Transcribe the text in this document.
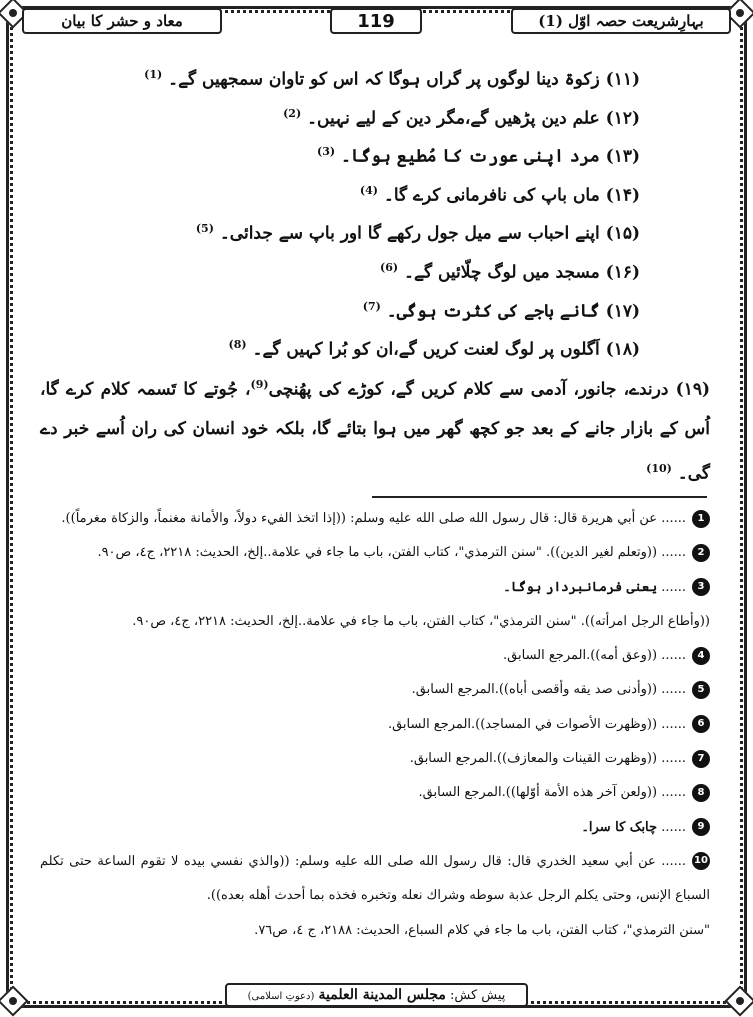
بہارِشریعت حصہ اوّل (1)
119
معاد و حشر کا بیان
(۱۱) زکوۃ دینا لوگوں پر گراں ہوگا کہ اس کو تاوان سمجھیں گے۔ $^{(1)}$
(۱۲) علم دین پڑھیں گے،مگر دین کے لیے نہیں۔ $^{(2)}$
(۱۳) مرد اپنی عورت کا مُطیع ہوگا۔ $^{(3)}$
(۱۴) ماں باپ کی نافرمانی کرے گا۔ $^{(4)}$
(۱۵) اپنے احباب سے میل جول رکھے گا اور باپ سے جدائی۔ $^{(5)}$
(۱۶) مسجد میں لوگ چلّائیں گے۔ $^{(6)}$
(۱۷) گانے باجے کی کثرت ہوگی۔ $^{(7)}$
(۱۸) اَگلوں پر لوگ لعنت کریں گے،ان کو بُرا کہیں گے۔ $^{(8)}$
(۱۹) درندے، جانور، آدمی سے کلام کریں گے، کوڑے کی پھُنچی$^{(9)}$، جُوتے کا تَسمہ کلام کرے گا، اُس کے بازار جانے کے بعد جو کچھ گھر میں ہوا بتائے گا، بلکہ خود انسان کی ران اُسے خبر دے گی۔ $^{(10)}$
1...... عن أبي هريرة قال: قال رسول الله صلى الله عليه وسلم: ((إذا اتخذ الفيء دولاً، والأمانة مغنماً، والزكاة مغرماً)).
2...... ((وتعلم لغير الدين)). "سنن الترمذي"، كتاب الفتن، باب ما جاء في علامة..إلخ، الحديث: ٢٢١٨، ج٤، ص٩٠.
3...... یعنی فرمانبردار ہوگا۔
((وأطاع الرجل امرأته)). "سنن الترمذي"، كتاب الفتن، باب ما جاء في علامة..إلخ، الحديث: ٢٢١٨، ج٤، ص٩٠.
4...... ((وعق أمه)).المرجع السابق.
5...... ((وأدنى صد يقه وأقصى أباه)).المرجع السابق.
6...... ((وظهرت الأصوات في المساجد)).المرجع السابق.
7...... ((وظهرت القينات والمعازف)).المرجع السابق.
8...... ((ولعن آخر هذه الأمة أوّلها)).المرجع السابق.
9...... چابک کا سرا۔
10...... عن أبي سعيد الخدري قال: قال رسول الله صلى الله عليه وسلم: ((والذي نفسي بيده لا تقوم الساعة حتى تكلم السباع الإنس، وحتى يكلم الرجل عذبة سوطه وشراك نعله وتخبره فخذه بما أحدث أهله بعده)).
"سنن الترمذي"، كتاب الفتن، باب ما جاء في كلام السباع، الحديث: ٢١٨٨، ج ٤، ص٧٦.
پیش کش: مجلس المدينة العلمية (دعوتِ اسلامی)
